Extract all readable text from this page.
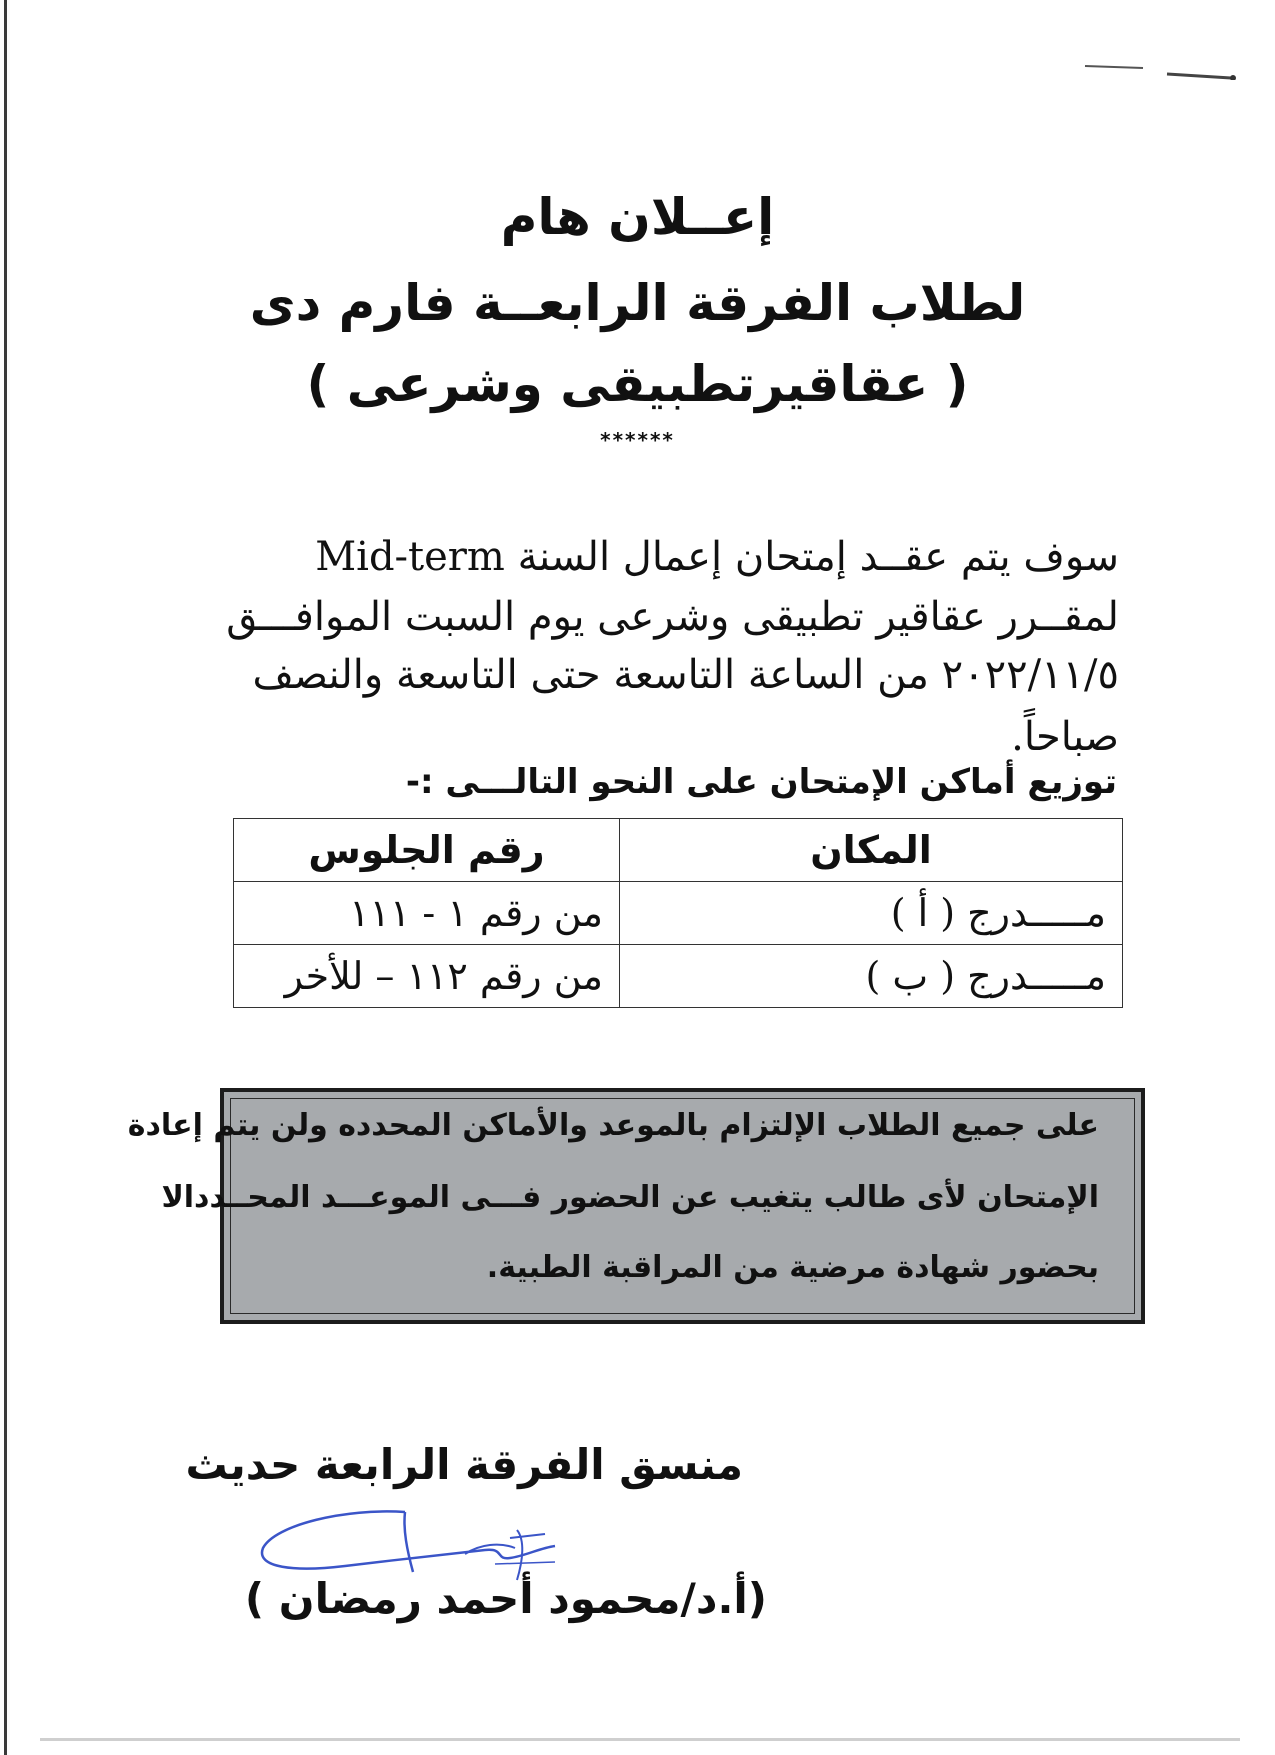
إعــلان هام
لطلاب الفرقة الرابعــة فارم دى
( عقاقيرتطبيقى وشرعى )
******
سوف يتم عقــد إمتحان إعمال السنة Mid-term
لمقــرر عقاقير تطبيقى وشرعى يوم السبت الموافـــق
٢٠٢٢/١١/٥ من الساعة التاسعة حتى التاسعة والنصف
صباحاً.
توزيع أماكن الإمتحان على النحو التالـــى :-
المكان	رقم الجلوس
مـــــدرج ( أ )	من رقم ١ - ١١١
مـــــدرج ( ب )	من رقم ١١٢ – للأخر
على جميع الطلاب الإلتزام بالموعد والأماكن المحدده ولن يتم إعادة
الإمتحان لأى طالب يتغيب عن الحضور فـــى الموعـــد المحــددالا
بحضور شهادة مرضية من المراقبة الطبية.
منسق الفرقة الرابعة حديث
(أ.د/محمود أحمد رمضان )
